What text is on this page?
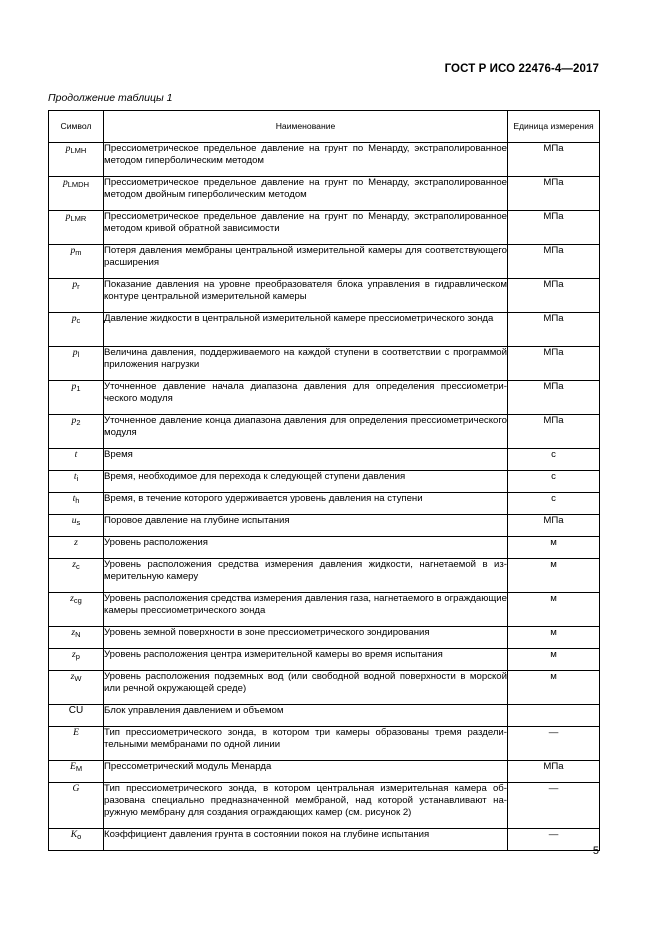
ГОСТ Р ИСО 22476-4—2017
Продолжение таблицы 1
Символ	Наименование	Единица измерения
$p_{LMH}$	Прессиометрическое предельное давление на грунт по Менарду, экстраполированное методом гиперболическим методом	МПа
$p_{LMDH}$	Прессиометрическое предельное давление на грунт по Менарду, экстраполированное методом двойным гиперболическим методом	МПа
$p_{LMR}$	Прессиометрическое предельное давление на грунт по Менарду, экстраполированное методом кривой обратной зависимости	МПа
$p_m$	Потеря давления мембраны центральной измерительной камеры для соответствующего расширения	МПа
$p_r$	Показание давления на уровне преобразователя блока управления в гидравлическом контуре центральной измерительной камеры	МПа
$p_c$	Давление жидкости в центральной измерительной камере прессиометрического зонда	МПа
$p_l$	Величина давления, поддерживаемого на каждой ступени в соответствии с программой приложения нагрузки	МПа
$p_1$	Уточненное давление начала диапазона давления для определения прессиометрического модуля	МПа
$p_2$	Уточненное давление конца диапазона давления для определения прессиометрического модуля	МПа
t	Время	с
$t_i$	Время, необходимое для перехода к следующей ступени давления	с
$t_h$	Время, в течение которого удерживается уровень давления на ступени	с
$u_s$	Поровое давление на глубине испытания	МПа
z	Уровень расположения	м
$z_c$	Уровень расположения средства измерения давления жидкости, нагнетаемой в измерительную камеру	м
$z_{cg}$	Уровень расположения средства измерения давления газа, нагнетаемого в ограждающие камеры прессиометрического зонда	м
$z_N$	Уровень земной поверхности в зоне прессиометрического зондирования	м
$z_p$	Уровень расположения центра измерительной камеры во время испытания	м
$z_W$	Уровень расположения подземных вод (или свободной водной поверхности в морской или речной окружающей среде)	м
CU	Блок управления давлением и объемом	
E	Тип прессиометрического зонда, в котором три камеры образованы тремя разделительными мембранами по одной линии	—
$E_M$	Прессометрический модуль Менарда	МПа
G	Тип прессиометрического зонда, в котором центральная измерительная камера образована специально предназначенной мембраной, над которой устанавливают наружную мембрану для создания ограждающих камер (см. рисунок 2)	—
$K_o$	Коэффициент давления грунта в состоянии покоя на глубине испытания	—
5
